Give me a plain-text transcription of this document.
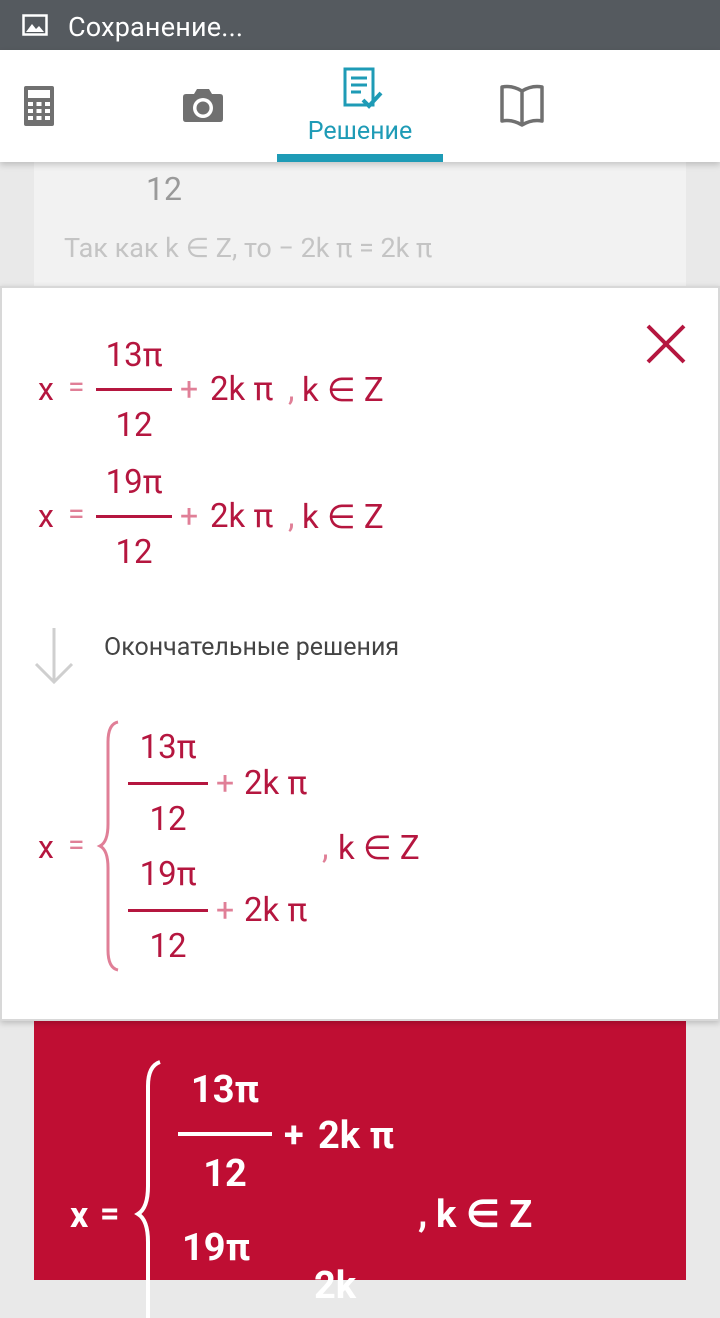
Сохранение...
Решение
12
Так как k ∈ Z, то − 2k π = 2k π
x =
13π
12
+ 2k π , k ∈ Z
x =
19π
12
+ 2k π , k ∈ Z
Окончательные решения
x =
13π
12
+ 2k π
19π
12
+ 2k π
, k ∈ Z
x =
13π
12
+ 2k π
19π
2k
, k ∈ Z
